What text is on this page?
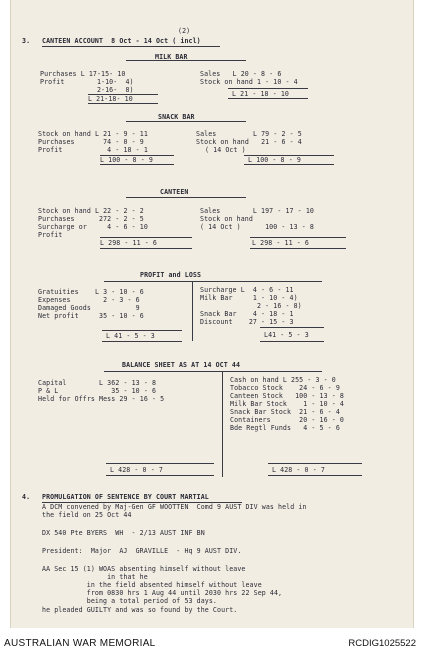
(2)
3. CANTEEN ACCOUNT  8 Oct - 14 Oct ( incl)
MILK BAR
Purchases L 17-15- 10
Profit        1-10-  4)
2-16-  8)
L 21-18- 10
Sales   L 20 - 8 - 6
Stock on hand 1 - 10 - 4
L 21 - 18 - 10
SNACK BAR
Stock on hand L 21 - 9 - 11
Purchases       74 - 0 - 9
Profit           4 - 18 - 1
L 100 - 8 - 9
Sales         L 79 - 2 - 5
Stock on hand   21 - 6 - 4
( 14 Oct )
L 100 - 8 - 9
CANTEEN
Stock on hand L 22 - 2 - 2
Purchases      272 - 2 - 5
Surcharge or     4 - 6 - 10
Profit
L 298 - 11 - 6
Sales        L 197 - 17 - 10
Stock on hand
( 14 Oct )      100 - 13 - 8
L 298 - 11 - 6
PROFIT and LOSS
Gratuities    L 3 - 10 - 6
Expenses        2 - 3 - 6
Damaged Goods           9
Net profit     35 - 10 - 6
L 41 - 5 - 3
Surcharge L  4 - 6 - 11
Milk Bar     1 - 10 - 4)
2 - 16 - 8)
Snack Bar    4 - 18 - 1
Discount    27 - 15 - 3
L41 - 5 - 3
BALANCE SHEET AS AT 14 OCT 44
Capital        L 362 - 13 - 8
P & L             35 - 10 - 6
Held for Offrs Mess 29 - 16 - 5
L 428 - 0 - 7
Cash on hand L 255 - 3 - 0
Tobacco Stock    24 - 6 - 9
Canteen Stock   100 - 13 - 8
Milk Bar Stock    1 - 10 - 4
Snack Bar Stock  21 - 6 - 4
Containers       20 - 16 - 0
Bde Regtl Funds   4 - 5 - 6
L 428 - 0 - 7
4. PROMULGATION OF SENTENCE BY COURT MARTIAL
A DCM convened by Maj-Gen GF WOOTTEN  Comd 9 AUST DIV was held in
the field on 25 Oct 44
DX 540 Pte BYERS  WH  - 2/13 AUST INF BN
President:  Major  AJ  GRAVILLE  - Hq 9 AUST DIV.
AA Sec 15 (1) WOAS absenting himself without leave
in that he
in the field absented himself without leave
from 0830 hrs 1 Aug 44 until 2030 hrs 22 Sep 44,
being a total period of 53 days.
he pleaded GUILTY and was so found by the Court.
AUSTRALIAN WAR MEMORIAL	RCDIG1025522
